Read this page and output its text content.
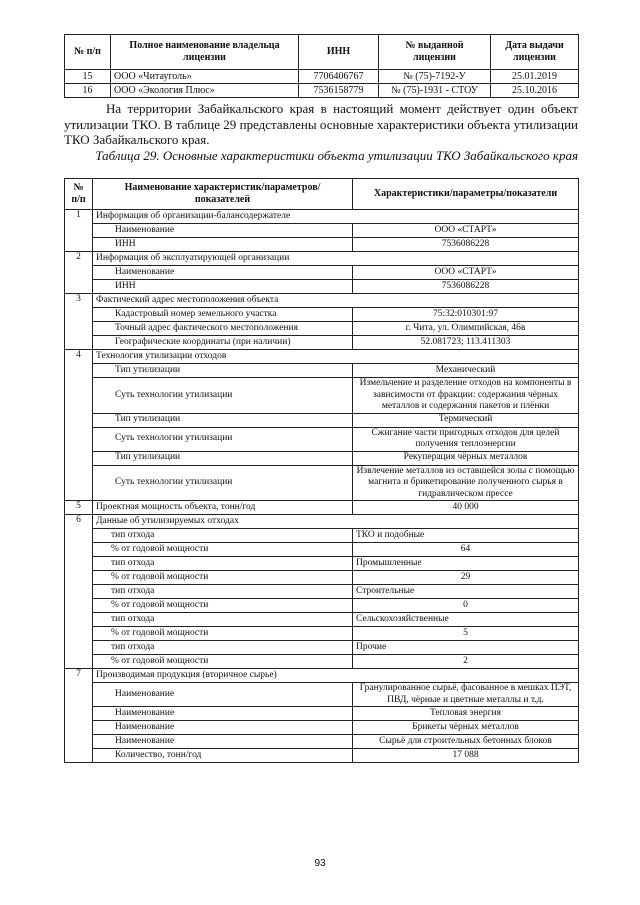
№ п/п	Полное наименование владельца лицензии	ИНН	№ выданной лицензии	Дата выдачи лицензии
15	ООО «Читауголь»	7706406767	№ (75)-7192-У	25.01.2019
16	ООО «Экология Плюс»	7536158779	№ (75)-1931 - СТОУ	25.10.2016

На территории Забайкальского края в настоящий момент действует один объект утилизации ТКО. В таблице 29 представлены основные характеристики объекта утилизации ТКО Забайкальского края.

Таблица 29. Основные характеристики объекта утилизации ТКО Забайкальского края

№ п/п	Наименование характеристик/параметров/показателей	Характеристики/параметры/показатели
1	Информация об организации-балансодержателе	
	Наименование	ООО «СТАРТ»
	ИНН	7536086228
2	Информация об эксплуатирующей организации	
	Наименование	ООО «СТАРТ»
	ИНН	7536086228
3	Фактический адрес местоположения объекта	
	Кадастровый номер земельного участка	75:32:010301:97
	Точный адрес фактического местоположения	г. Чита, ул. Олимпийская, 46в
	Географические координаты (при наличии)	52.081723; 113.411303
4	Технология утилизации отходов	
	Тип утилизации	Механический
	Суть технологии утилизации	Измельчение и разделение отходов на компоненты в зависимости от фракции: содержания чёрных металлов и содержания пакетов и плёнки
	Тип утилизации	Термический
	Суть технологии утилизации	Сжигание части пригодных отходов для целей получения теплоэнергии
	Тип утилизации	Рекуперация чёрных металлов
	Суть технологии утилизации	Извлечение металлов из оставшейся золы с помощью магнита и брикетирование полученного сырья в гидравлическом прессе
5	Проектная мощность объекта, тонн/год	40 000
6	Данные об утилизируемых отходах	
	тип отхода	ТКО и подобные
	% от годовой мощности	64
	тип отхода	Промышленные
	% от годовой мощности	29
	тип отхода	Строительные
	% от годовой мощности	0
	тип отхода	Сельскохозяйственные
	% от годовой мощности	5
	тип отхода	Прочие
	% от годовой мощности	2
7	Производимая продукция (вторичное сырье)	
	Наименование	Гранулированное сырьё, фасованное в мешках ПЭТ, ПВД, чёрные и цветные металлы и т.д.
	Наименование	Тепловая энергия
	Наименование	Брикеты чёрных металлов
	Наименование	Сырьё для строительных бетонных блоков
	Количество, тонн/год	17 088
93
